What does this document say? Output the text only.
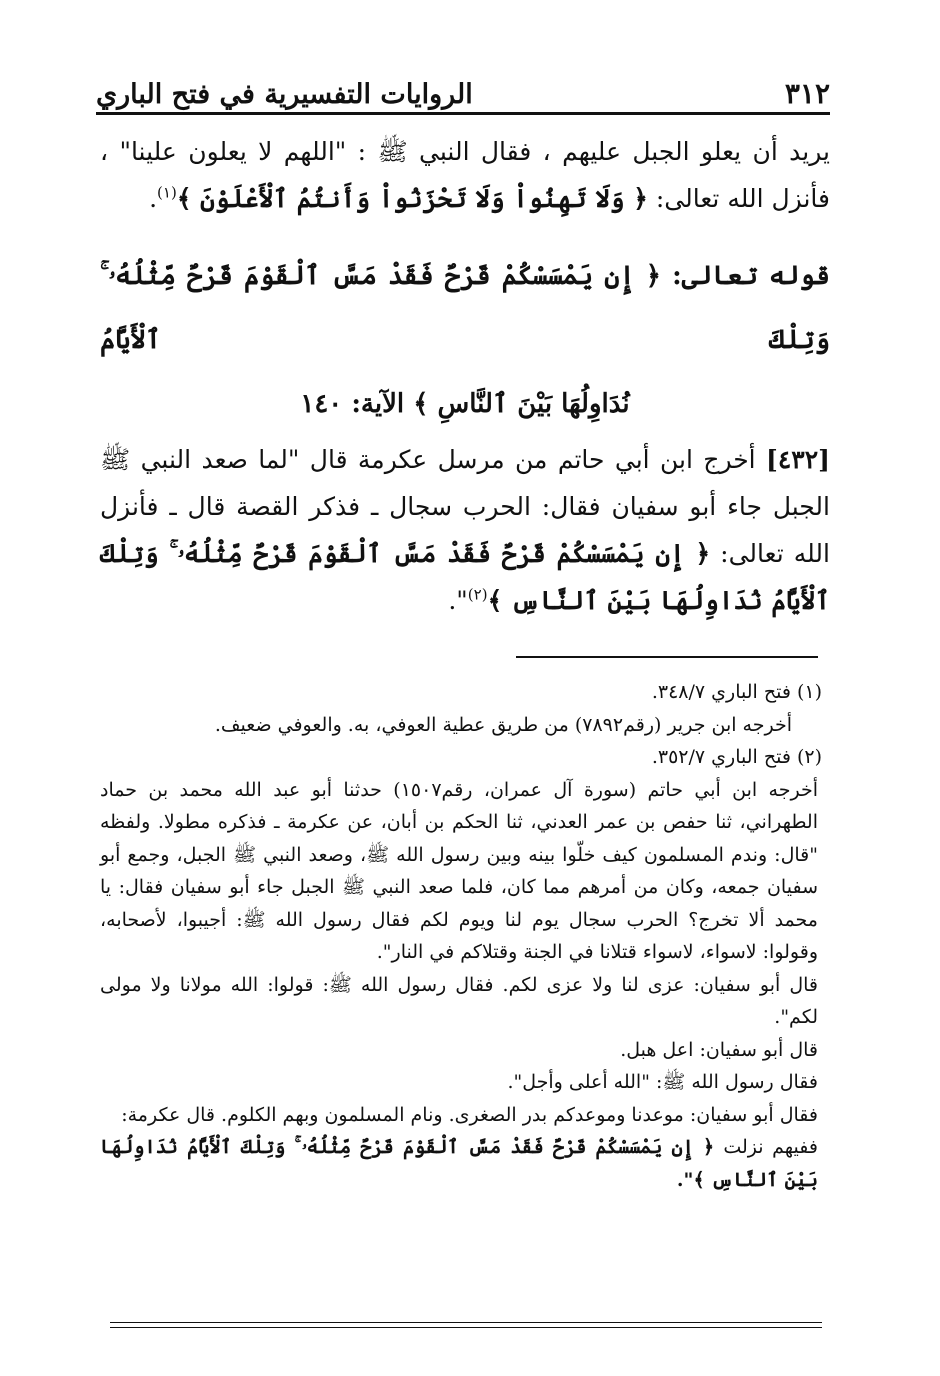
٣١٢
الروايات التفسيرية في فتح الباري

يريد أن يعلو الجبل عليهم ، فقال النبي ﷺ : "اللهم لا يعلون علينا" ، فأنزل الله تعالى: ﴿ وَلَا تَهِنُواْ وَلَا تَحْزَنُواْ وَأَنتُمُ ٱلْأَعْلَوْنَ ﴾$^{(١)}$.

قوله تعالى: ﴿ إِن يَمْسَسْكُمْ قَرْحٌ فَقَدْ مَسَّ ٱلْقَوْمَ قَرْحٌ مِّثْلُهُۥ ۚ وَتِلْكَ ٱلْأَيَّامُ
نُدَاوِلُهَا بَيْنَ ٱلنَّاسِ ﴾ الآية: ١٤٠

[٤٣٢] أخرج ابن أبي حاتم من مرسل عكرمة قال "لما صعد النبي ﷺ الجبل جاء أبو سفيان فقال: الحرب سجال ـ فذكر القصة قال ـ فأنزل الله تعالى: ﴿ إِن يَمْسَسْكُمْ قَرْحٌ فَقَدْ مَسَّ ٱلْقَوْمَ قَرْحٌ مِّثْلُهُۥ ۚ وَتِلْكَ ٱلْأَيَّامُ نُدَاوِلُهَا بَيْنَ ٱلنَّاسِ ﴾$^{(٢)}$".

(١) فتح الباري ٣٤٨/٧.

أخرجه ابن جرير (رقم٧٨٩٢) من طريق عطية العوفي، به. والعوفي ضعيف.

(٢) فتح الباري ٣٥٢/٧.

أخرجه ابن أبي حاتم (سورة آل عمران، رقم١٥٠٧) حدثنا أبو عبد الله محمد بن حماد الطهراني، ثنا حفص بن عمر العدني، ثنا الحكم بن أبان، عن عكرمة ـ فذكره مطولا. ولفظه "قال: وندم المسلمون كيف خلّوا بينه وبين رسول الله ﷺ، وصعد النبي ﷺ الجبل، وجمع أبو سفيان جمعه، وكان من أمرهم مما كان، فلما صعد النبي ﷺ الجبل جاء أبو سفيان فقال: يا محمد ألا تخرج؟ الحرب سجال يوم لنا ويوم لكم فقال رسول الله ﷺ: أجيبوا، لأصحابه، وقولوا: لاسواء، لاسواء قتلانا في الجنة وقتلاكم في النار".

قال أبو سفيان: عزى لنا ولا عزى لكم. فقال رسول الله ﷺ: قولوا: الله مولانا ولا مولى لكم".

قال أبو سفيان: اعل هبل.

فقال رسول الله ﷺ: "الله أعلى وأجل".

فقال أبو سفيان: موعدنا وموعدكم بدر الصغرى. ونام المسلمون وبهم الكلوم. قال عكرمة:

ففيهم نزلت ﴿ إِن يَمْسَسْكُمْ قَرْحٌ فَقَدْ مَسَّ ٱلْقَوْمَ قَرْحٌ مِّثْلُهُۥ ۚ وَتِلْكَ ٱلْأَيَّامُ نُدَاوِلُهَا بَيْنَ ٱلنَّاسِ ﴾".
